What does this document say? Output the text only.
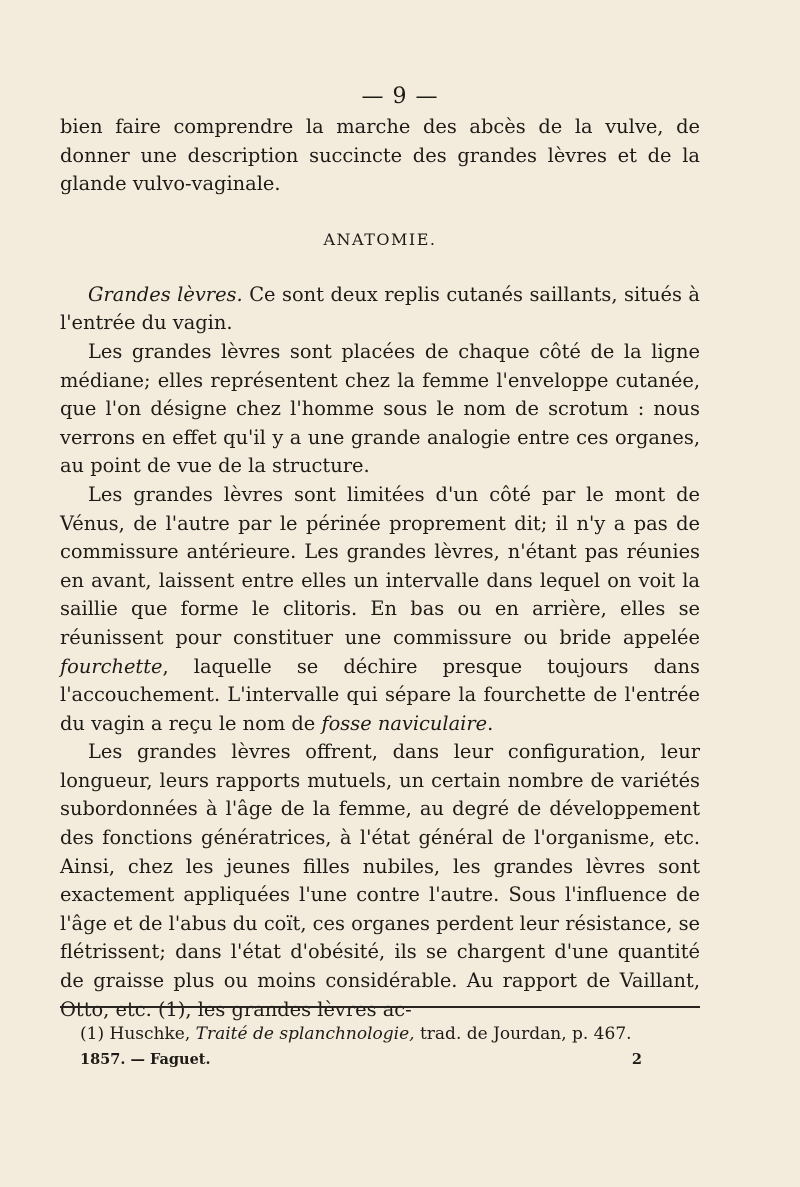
— 9 —

bien faire comprendre la marche des abcès de la vulve, de donner une description succincte des grandes lèvres et de la glande vulvo-vaginale.

ANATOMIE.

Grandes lèvres. Ce sont deux replis cutanés saillants, situés à l'entrée du vagin.

Les grandes lèvres sont placées de chaque côté de la ligne médiane; elles représentent chez la femme l'enveloppe cutanée, que l'on désigne chez l'homme sous le nom de scrotum : nous verrons en effet qu'il y a une grande analogie entre ces organes, au point de vue de la structure.

Les grandes lèvres sont limitées d'un côté par le mont de Vénus, de l'autre par le périnée proprement dit; il n'y a pas de commissure antérieure. Les grandes lèvres, n'étant pas réunies en avant, laissent entre elles un intervalle dans lequel on voit la saillie que forme le clitoris. En bas ou en arrière, elles se réunissent pour constituer une commissure ou bride appelée fourchette, laquelle se déchire presque toujours dans l'accouchement. L'intervalle qui sépare la fourchette de l'entrée du vagin a reçu le nom de fosse naviculaire.

Les grandes lèvres offrent, dans leur configuration, leur longueur, leurs rapports mutuels, un certain nombre de variétés subordonnées à l'âge de la femme, au degré de développement des fonctions génératrices, à l'état général de l'organisme, etc. Ainsi, chez les jeunes filles nubiles, les grandes lèvres sont exactement appliquées l'une contre l'autre. Sous l'influence de l'âge et de l'abus du coït, ces organes perdent leur résistance, se flétrissent; dans l'état d'obésité, ils se chargent d'une quantité de graisse plus ou moins considérable. Au rapport de Vaillant, Otto, etc. (1), les grandes lèvres ac-

(1) Huschke, Traité de splanchnologie, trad. de Jourdan, p. 467.
1857. — Faguet.	2
